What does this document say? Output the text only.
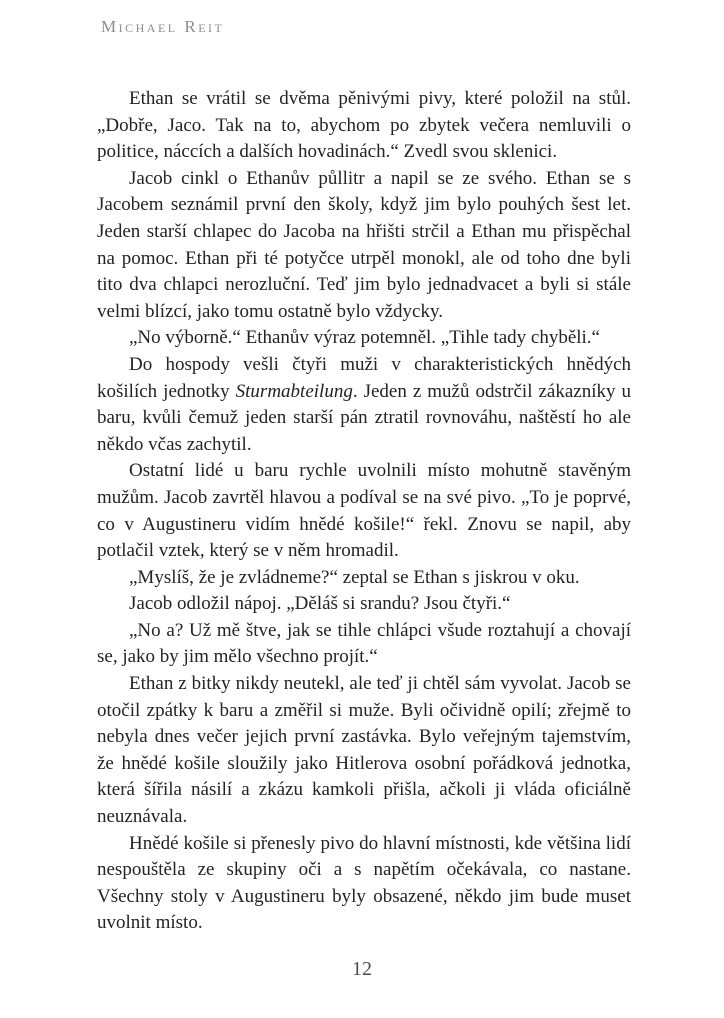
Michael Reit

Ethan se vrátil se dvěma pěnivými pivy, které položil na stůl. „Dobře, Jaco. Tak na to, abychom po zbytek večera nemluvili o politice, náccích a dalších hovadinách.“ Zvedl svou sklenici.

Jacob cinkl o Ethanův půllitr a napil se ze svého. Ethan se s Jacobem seznámil první den školy, když jim bylo pouhých šest let. Jeden starší chlapec do Jacoba na hřišti strčil a Ethan mu přispěchal na pomoc. Ethan při té potyčce utrpěl monokl, ale od toho dne byli tito dva chlapci nerozluční. Teď jim bylo jednadvacet a byli si stále velmi blízcí, jako tomu ostatně bylo vždycky.

„No výborně.“ Ethanův výraz potemněl. „Tihle tady chyběli.“

Do hospody vešli čtyři muži v charakteristických hnědých košilích jednotky Sturmabteilung. Jeden z mužů odstrčil zákazníky u baru, kvůli čemuž jeden starší pán ztratil rovnováhu, naštěstí ho ale někdo včas zachytil.

Ostatní lidé u baru rychle uvolnili místo mohutně stavěným mužům. Jacob zavrtěl hlavou a podíval se na své pivo. „To je poprvé, co v Augustineru vidím hnědé košile!“ řekl. Znovu se napil, aby potlačil vztek, který se v něm hromadil.

„Myslíš, že je zvládneme?“ zeptal se Ethan s jiskrou v oku.

Jacob odložil nápoj. „Děláš si srandu? Jsou čtyři.“

„No a? Už mě štve, jak se tihle chlápci všude roztahují a chovají se, jako by jim mělo všechno projít.“

Ethan z bitky nikdy neutekl, ale teď ji chtěl sám vyvolat. Jacob se otočil zpátky k baru a změřil si muže. Byli očividně opilí; zřejmě to nebyla dnes večer jejich první zastávka. Bylo veřejným tajemstvím, že hnědé košile sloužily jako Hitlerova osobní pořádková jednotka, která šířila násilí a zkázu kamkoli přišla, ačkoli ji vláda oficiálně neuznávala.

Hnědé košile si přenesly pivo do hlavní místnosti, kde většina lidí nespouštěla ze skupiny oči a s napětím očekávala, co nastane. Všechny stoly v Augustineru byly obsazené, někdo jim bude muset uvolnit místo.

12
